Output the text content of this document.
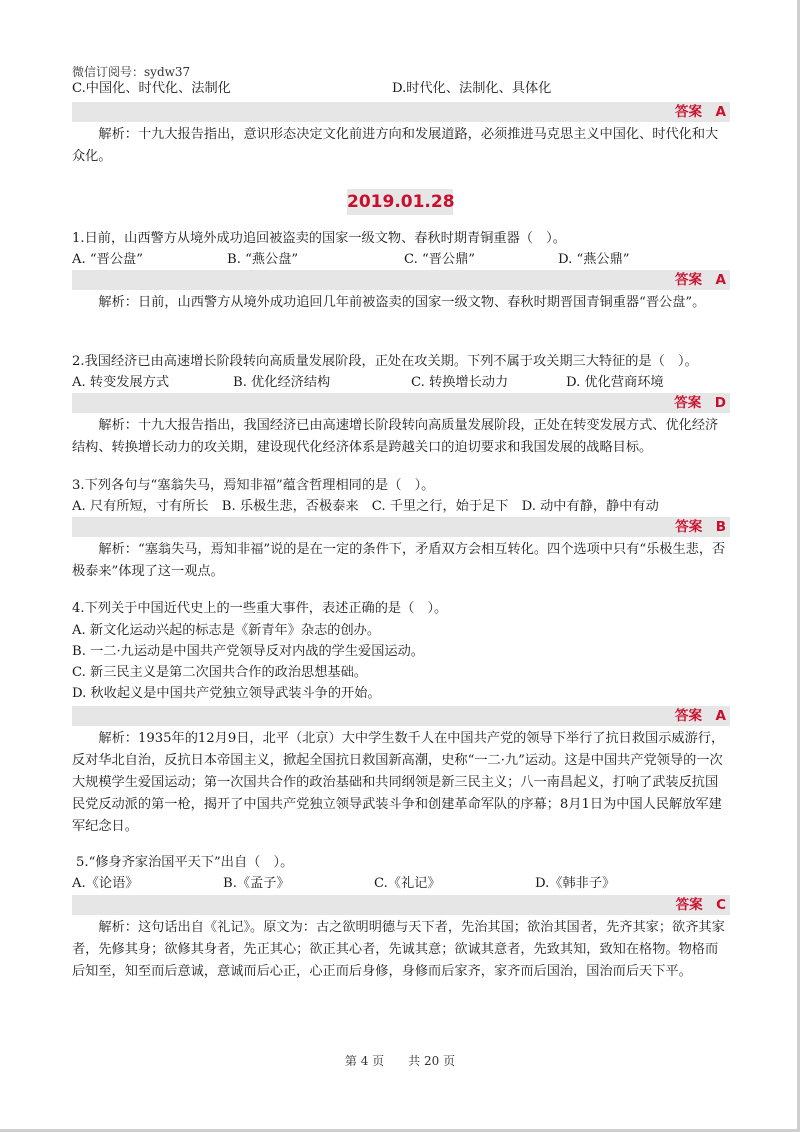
微信订阅号：sydw37
C.中国化、时代化、法制化	D.时代化、法制化、具体化
答案　A
解析：十九大报告指出，意识形态决定文化前进方向和发展道路，必须推进马克思主义中国化、时代化和大众化。
2019.01.28
1.日前，山西警方从境外成功追回被盗卖的国家一级文物、春秋时期青铜重器（　）。
A. “晋公盘”	B. “燕公盘”	C. “晋公鼎”	D. “燕公鼎”
答案　A
解析：日前，山西警方从境外成功追回几年前被盗卖的国家一级文物、春秋时期晋国青铜重器“晋公盘”。
2.我国经济已由高速增长阶段转向高质量发展阶段，正处在攻关期。下列不属于攻关期三大特征的是（　）。
A. 转变发展方式	B. 优化经济结构	C. 转换增长动力	D. 优化营商环境
答案　D
解析：十九大报告指出，我国经济已由高速增长阶段转向高质量发展阶段，正处在转变发展方式、优化经济结构、转换增长动力的攻关期，建设现代化经济体系是跨越关口的迫切要求和我国发展的战略目标。
3.下列各句与“塞翁失马，焉知非福”蕴含哲理相同的是（　）。
A. 尺有所短，寸有所长　B. 乐极生悲，否极泰来　C. 千里之行，始于足下　D. 动中有静，静中有动
答案　B
解析：“塞翁失马，焉知非福”说的是在一定的条件下，矛盾双方会相互转化。四个选项中只有“乐极生悲，否极泰来”体现了这一观点。
4.下列关于中国近代史上的一些重大事件，表述正确的是（　）。
A. 新文化运动兴起的标志是《新青年》杂志的创办。
B. 一二·九运动是中国共产党领导反对内战的学生爱国运动。
C. 新三民主义是第二次国共合作的政治思想基础。
D. 秋收起义是中国共产党独立领导武装斗争的开始。
答案　A
解析：1935年的12月9日，北平（北京）大中学生数千人在中国共产党的领导下举行了抗日救国示威游行，反对华北自治，反抗日本帝国主义，掀起全国抗日救国新高潮，史称“一二·九”运动。这是中国共产党领导的一次大规模学生爱国运动；第一次国共合作的政治基础和共同纲领是新三民主义；八一南昌起义，打响了武装反抗国民党反动派的第一枪，揭开了中国共产党独立领导武装斗争和创建革命军队的序幕；8月1日为中国人民解放军建军纪念日。
5.“修身齐家治国平天下”出自（　）。
A.《论语》	B.《孟子》	C.《礼记》	D.《韩非子》
答案　C
解析：这句话出自《礼记》。原文为：古之欲明明德与天下者，先治其国；欲治其国者，先齐其家；欲齐其家者，先修其身；欲修其身者，先正其心；欲正其心者，先诚其意；欲诚其意者，先致其知，致知在格物。物格而后知至，知至而后意诚，意诚而后心正，心正而后身修，身修而后家齐，家齐而后国治，国治而后天下平。
第 4 页　　共 20 页
